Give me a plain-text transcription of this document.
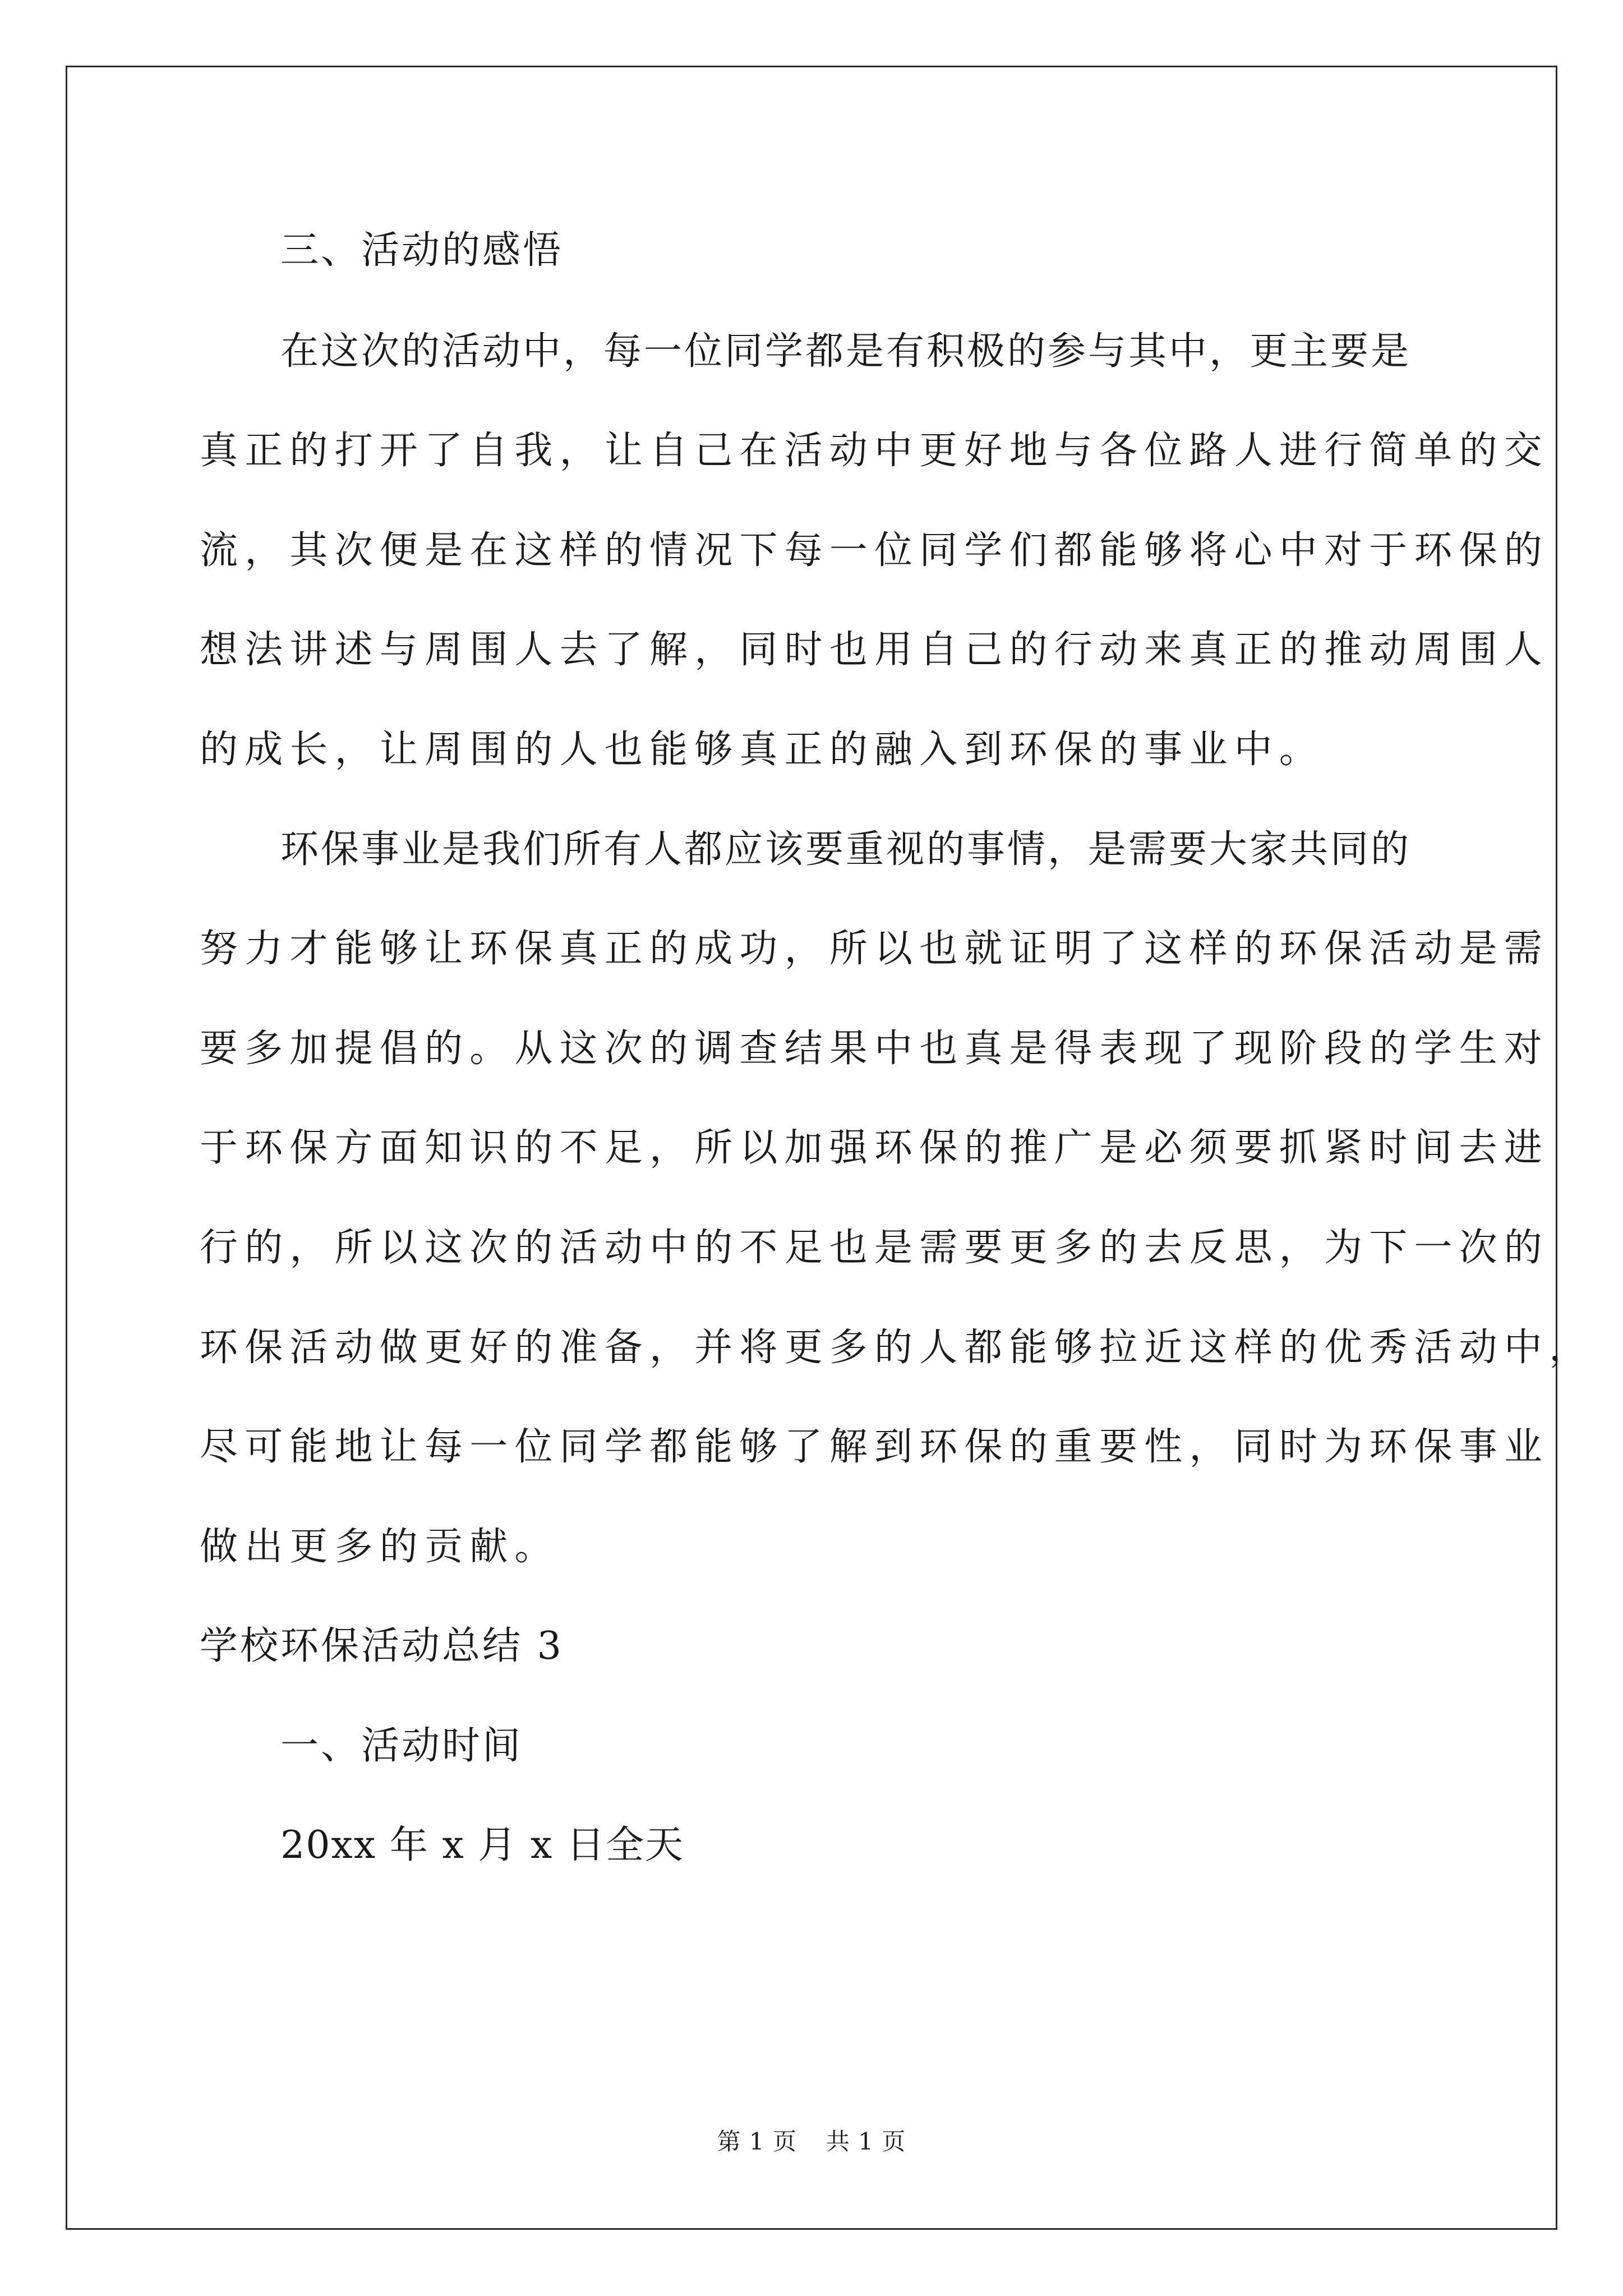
三、活动的感悟
在这次的活动中，每一位同学都是有积极的参与其中，更主要是
真正的打开了自我，让自己在活动中更好地与各位路人进行简单的交
流，其次便是在这样的情况下每一位同学们都能够将心中对于环保的
想法讲述与周围人去了解，同时也用自己的行动来真正的推动周围人
的成长，让周围的人也能够真正的融入到环保的事业中。
环保事业是我们所有人都应该要重视的事情，是需要大家共同的
努力才能够让环保真正的成功，所以也就证明了这样的环保活动是需
要多加提倡的。从这次的调查结果中也真是得表现了现阶段的学生对
于环保方面知识的不足，所以加强环保的推广是必须要抓紧时间去进
行的，所以这次的活动中的不足也是需要更多的去反思，为下一次的
环保活动做更好的准备，并将更多的人都能够拉近这样的优秀活动中，
尽可能地让每一位同学都能够了解到环保的重要性，同时为环保事业
做出更多的贡献。
学校环保活动总结 3
一、活动时间
20xx 年 x 月 x 日全天
第 1 页 共 1 页
